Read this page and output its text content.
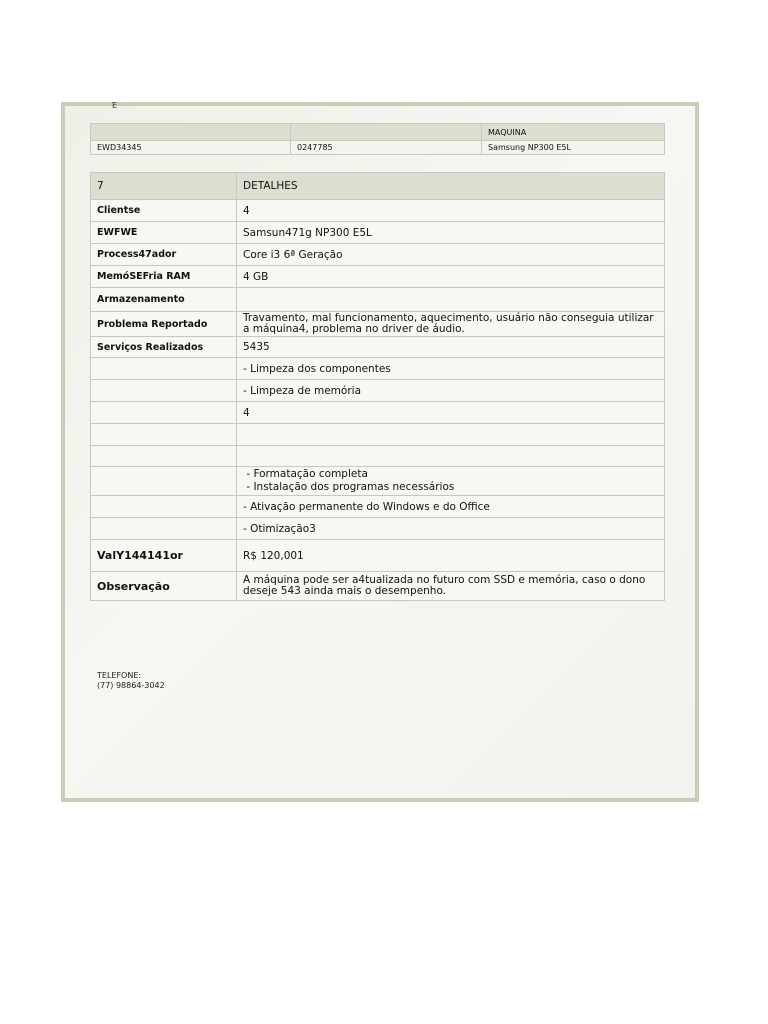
E
		MAQUINA
EWD34345	0247785	Samsung NP300 E5L
7	DETALHES
Clientse	4
EWFWE	Samsun471g NP300 E5L
Process47ador	Core i3 6ª Geração
MemóSEFria RAM	4 GB
Armazenamento	
Problema Reportado	Travamento, mal funcionamento, aquecimento, usuário não conseguia utilizar a máquina4, problema no driver de áudio.
Serviços Realizados	5435
	- Limpeza dos componentes
	- Limpeza de memória
	4

	- Formatação completa
- Instalação dos programas necessários

	- Ativação permanente do Windows e do Office
	- Otimização3
ValY144141or	R$ 120,001
Observação	A máquina pode ser a4tualizada no futuro com SSD e memória, caso o dono deseje 543 ainda mais o desempenho.
TELEFONE:
(77) 98864-3042
